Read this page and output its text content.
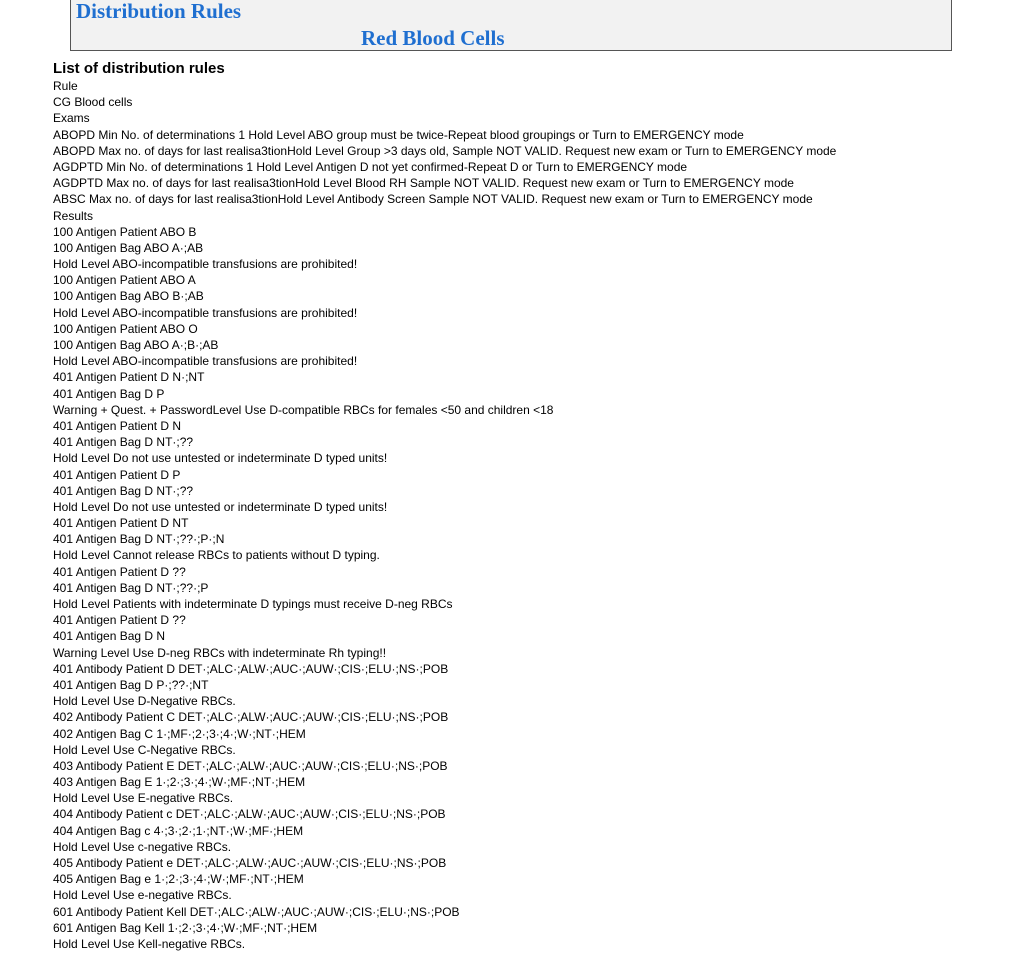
Distribution Rules
Red Blood Cells
List of distribution rules
Rule
CG Blood cells
Exams
ABOPD Min No. of determinations 1 Hold Level ABO group must be twice-Repeat blood groupings or Turn to EMERGENCY mode
ABOPD Max no. of days for last realisa3tionHold Level Group >3 days old, Sample NOT VALID. Request new exam or Turn to EMERGENCY mode
AGDPTD Min No. of determinations 1 Hold Level Antigen D not yet confirmed-Repeat D or Turn to EMERGENCY mode
AGDPTD Max no. of days for last realisa3tionHold Level Blood RH Sample NOT VALID. Request new exam or Turn to EMERGENCY mode
ABSC Max no. of days for last realisa3tionHold Level Antibody Screen Sample NOT VALID. Request new exam or Turn to EMERGENCY mode
Results
100 Antigen Patient ABO B
100 Antigen Bag ABO A·;AB
Hold Level ABO-incompatible transfusions are prohibited!
100 Antigen Patient ABO A
100 Antigen Bag ABO B·;AB
Hold Level ABO-incompatible transfusions are prohibited!
100 Antigen Patient ABO O
100 Antigen Bag ABO A·;B·;AB
Hold Level ABO-incompatible transfusions are prohibited!
401 Antigen Patient D N·;NT
401 Antigen Bag D P
Warning + Quest. + PasswordLevel Use D-compatible RBCs for females <50 and children <18
401 Antigen Patient D N
401 Antigen Bag D NT·;??
Hold Level Do not use untested or indeterminate D typed units!
401 Antigen Patient D P
401 Antigen Bag D NT·;??
Hold Level Do not use untested or indeterminate D typed units!
401 Antigen Patient D NT
401 Antigen Bag D NT·;??·;P·;N
Hold Level Cannot release RBCs to patients without D typing.
401 Antigen Patient D ??
401 Antigen Bag D NT·;??·;P
Hold Level Patients with indeterminate D typings must receive D-neg RBCs
401 Antigen Patient D ??
401 Antigen Bag D N
Warning Level Use D-neg RBCs with indeterminate Rh typing!!
401 Antibody Patient D DET·;ALC·;ALW·;AUC·;AUW·;CIS·;ELU·;NS·;POB
401 Antigen Bag D P·;??·;NT
Hold Level Use D-Negative RBCs.
402 Antibody Patient C DET·;ALC·;ALW·;AUC·;AUW·;CIS·;ELU·;NS·;POB
402 Antigen Bag C 1·;MF·;2·;3·;4·;W·;NT·;HEM
Hold Level Use C-Negative RBCs.
403 Antibody Patient E DET·;ALC·;ALW·;AUC·;AUW·;CIS·;ELU·;NS·;POB
403 Antigen Bag E 1·;2·;3·;4·;W·;MF·;NT·;HEM
Hold Level Use E-negative RBCs.
404 Antibody Patient c DET·;ALC·;ALW·;AUC·;AUW·;CIS·;ELU·;NS·;POB
404 Antigen Bag c 4·;3·;2·;1·;NT·;W·;MF·;HEM
Hold Level Use c-negative RBCs.
405 Antibody Patient e DET·;ALC·;ALW·;AUC·;AUW·;CIS·;ELU·;NS·;POB
405 Antigen Bag e 1·;2·;3·;4·;W·;MF·;NT·;HEM
Hold Level Use e-negative RBCs.
601 Antibody Patient Kell DET·;ALC·;ALW·;AUC·;AUW·;CIS·;ELU·;NS·;POB
601 Antigen Bag Kell 1·;2·;3·;4·;W·;MF·;NT·;HEM
Hold Level Use Kell-negative RBCs.
